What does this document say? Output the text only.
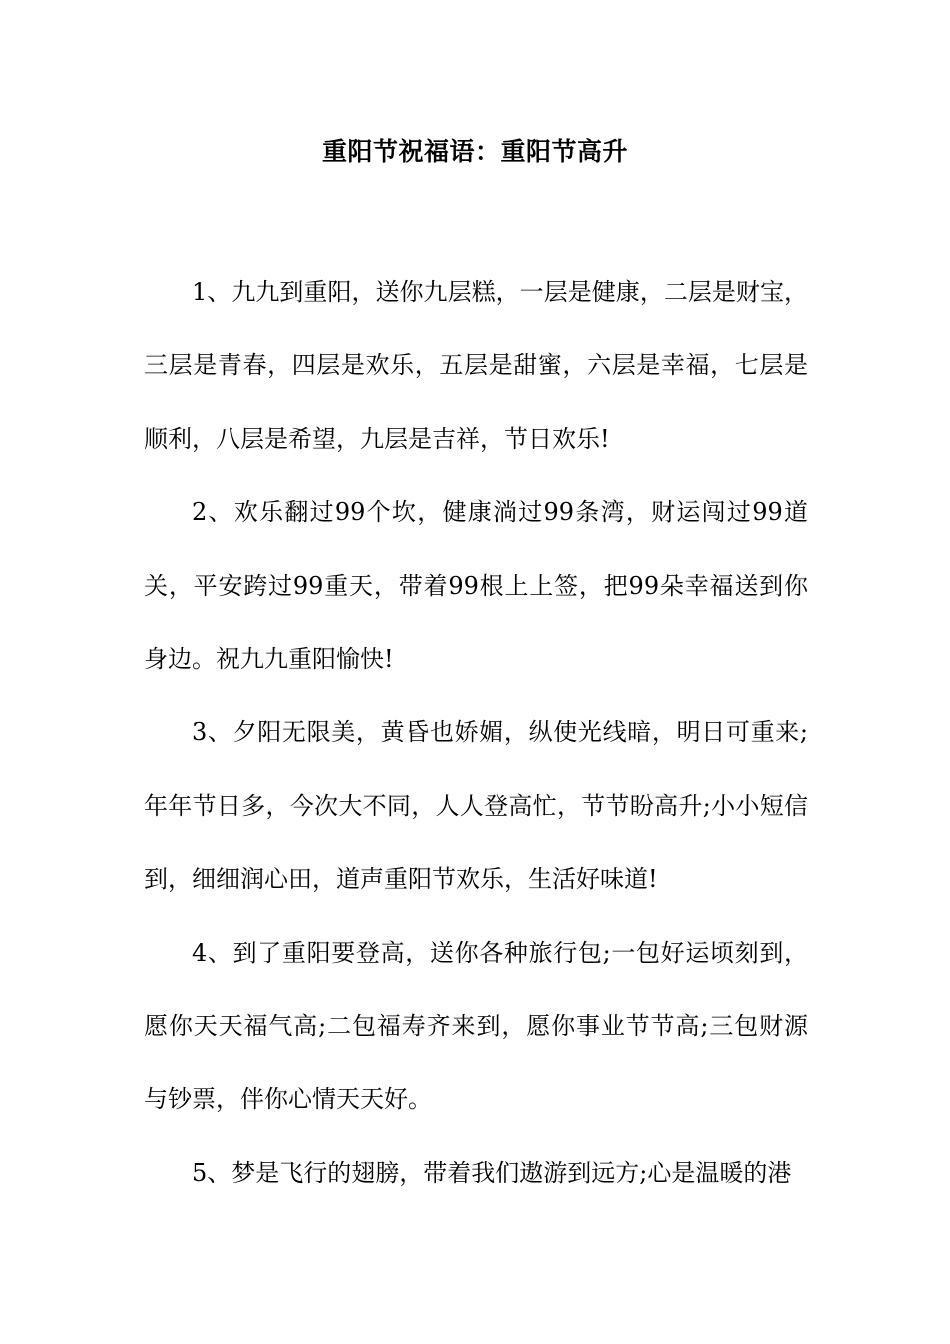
重阳节祝福语：重阳节高升

1、九九到重阳，送你九层糕，一层是健康，二层是财宝，三层是青春，四层是欢乐，五层是甜蜜，六层是幸福，七层是顺利，八层是希望，九层是吉祥，节日欢乐!

2、欢乐翻过99个坎，健康淌过99条湾，财运闯过99道关，平安跨过99重天，带着99根上上签，把99朵幸福送到你身边。祝九九重阳愉快!

3、夕阳无限美，黄昏也娇媚，纵使光线暗，明日可重来;年年节日多，今次大不同，人人登高忙，节节盼高升;小小短信到，细细润心田，道声重阳节欢乐，生活好味道!

4、到了重阳要登高，送你各种旅行包;一包好运顷刻到，愿你天天福气高;二包福寿齐来到，愿你事业节节高;三包财源与钞票，伴你心情天天好。

5、梦是飞行的翅膀，带着我们遨游到远方;心是温暖的港
